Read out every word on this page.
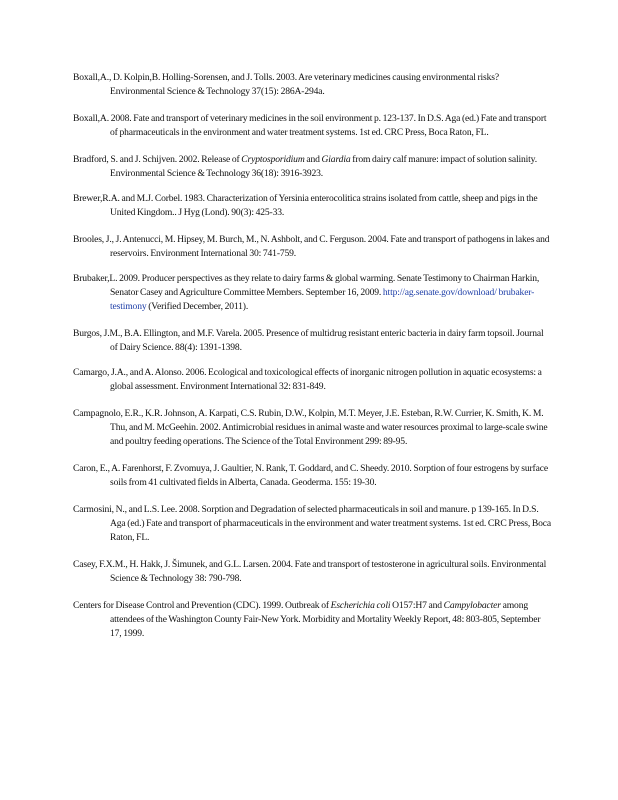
Boxall,A., D. Kolpin,B. Holling-Sorensen, and J. Tolls. 2003. Are veterinary medicines causing environmental risks? Environmental Science & Technology 37(15): 286A-294a.

Boxall,A. 2008. Fate and transport of veterinary medicines in the soil environment p. 123-137. In D.S. Aga (ed.) Fate and transport of pharmaceuticals in the environment and water treatment systems. 1st ed. CRC Press, Boca Raton, FL.

Bradford, S. and J. Schijven. 2002. Release of Cryptosporidium and Giardia from dairy calf manure: impact of solution salinity. Environmental Science & Technology 36(18): 3916-3923.

Brewer,R.A. and M.J. Corbel. 1983. Characterization of Yersinia enterocolitica strains isolated from cattle, sheep and pigs in the United Kingdom.. J Hyg (Lond). 90(3): 425-33.

Brooles, J., J. Antenucci, M. Hipsey, M. Burch, M., N. Ashbolt, and C. Ferguson. 2004. Fate and transport of pathogens in lakes and reservoirs. Environment International 30: 741-759.

Brubaker,L. 2009. Producer perspectives as they relate to dairy farms & global warming. Senate Testimony to Chairman Harkin, Senator Casey and Agriculture Committee Members. September 16, 2009. http://ag.senate.gov/download/ brubaker-testimony (Verified December, 2011).

Burgos, J.M., B.A. Ellington, and M.F. Varela. 2005. Presence of multidrug resistant enteric bacteria in dairy farm topsoil. Journal of Dairy Science. 88(4): 1391-1398.

Camargo, J.A., and A. Alonso. 2006. Ecological and toxicological effects of inorganic nitrogen pollution in aquatic ecosystems: a global assessment. Environment International 32: 831-849.

Campagnolo, E.R., K.R. Johnson, A. Karpati, C.S. Rubin, D.W., Kolpin, M.T. Meyer, J.E. Esteban, R.W. Currier, K. Smith, K. M. Thu, and M. McGeehin. 2002. Antimicrobial residues in animal waste and water resources proximal to large-scale swine and poultry feeding operations. The Science of the Total Environment 299: 89-95.

Caron, E., A. Farenhorst, F. Zvomuya, J. Gaultier, N. Rank, T. Goddard, and C. Sheedy. 2010. Sorption of four estrogens by surface soils from 41 cultivated fields in Alberta, Canada. Geoderma. 155: 19-30.

Carmosini, N., and L.S. Lee. 2008. Sorption and Degradation of selected pharmaceuticals in soil and manure. p 139-165. In D.S. Aga (ed.) Fate and transport of pharmaceuticals in the environment and water treatment systems. 1st ed. CRC Press, Boca Raton, FL.

Casey, F.X.M., H. Hakk, J. Šimunek, and G.L. Larsen. 2004. Fate and transport of testosterone in agricultural soils. Environmental Science & Technology 38: 790-798.

Centers for Disease Control and Prevention (CDC). 1999. Outbreak of Escherichia coli O157:H7 and Campylobacter among attendees of the Washington County Fair-New York. Morbidity and Mortality Weekly Report, 48: 803-805, September 17, 1999.
